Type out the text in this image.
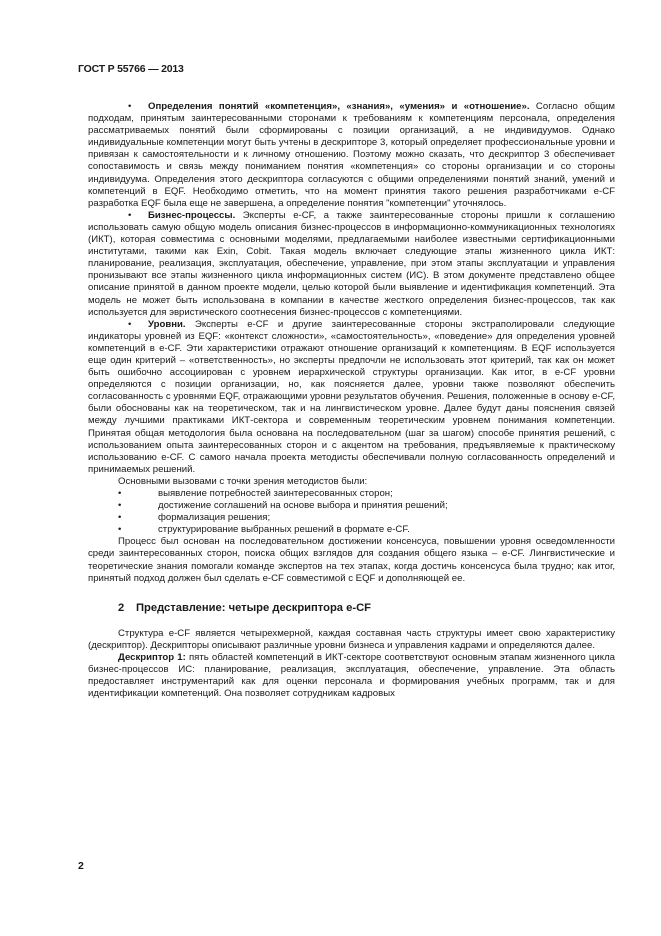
ГОСТ Р 55766 — 2013

• Определения понятий «компетенция», «знания», «умения» и «отношение». Согласно общим подходам, принятым заинтересованными сторонами к требованиям к компетенциям персонала, определения рассматриваемых понятий были сформированы с позиции организаций, а не индивидуумов. Однако индивидуальные компетенции могут быть учтены в дескрипторе 3, который определяет профессиональные уровни и привязан к самостоятельности и к личному отношению. Поэтому можно сказать, что дескриптор 3 обеспечивает сопоставимость и связь между пониманием понятия «компетенция» со стороны организации и со стороны индивидуума. Определения этого дескриптора согласуются с общими определениями понятий знаний, умений и компетенций в EQF. Необходимо отметить, что на момент принятия такого решения разработчиками e-CF разработка EQF была еще не завершена, а определение понятия "компетенции" уточнялось.

• Бизнес-процессы. Эксперты e-CF, а также заинтересованные стороны пришли к соглашению использовать самую общую модель описания бизнес-процессов в информационно-коммуникационных технологиях (ИКТ), которая совместима с основными моделями, предлагаемыми наиболее известными сертификационными институтами, такими как Exin, Cobit. Такая модель включает следующие этапы жизненного цикла ИКТ: планирование, реализация, эксплуатация, обеспечение, управление, при этом этапы эксплуатации и управления пронизывают все этапы жизненного цикла информационных систем (ИС). В этом документе представлено общее описание принятой в данном проекте модели, целью которой были выявление и идентификация компетенций. Эта модель не может быть использована в компании в качестве жесткого определения бизнес-процессов, так как используется для эвристического соотнесения бизнес-процессов с компетенциями.

• Уровни. Эксперты e-CF и другие заинтересованные стороны экстраполировали следующие индикаторы уровней из EQF: «контекст сложности», «самостоятельность», «поведение» для определения уровней компетенций в e-CF. Эти характеристики отражают отношение организаций к компетенциям. В EQF используется еще один критерий – «ответственность», но эксперты предпочли не использовать этот критерий, так как он может быть ошибочно ассоциирован с уровнем иерархической структуры организации. Как итог, в e-CF уровни определяются с позиции организации, но, как поясняется далее, уровни также позволяют обеспечить согласованность с уровнями EQF, отражающими уровни результатов обучения. Решения, положенные в основу e-CF, были обоснованы как на теоретическом, так и на лингвистическом уровне. Далее будут даны пояснения связей между лучшими практиками ИКТ-сектора и современным теоретическим уровнем понимания компетенции. Принятая общая методология была основана на последовательном (шаг за шагом) способе принятия решений, с использованием опыта заинтересованных сторон и с акцентом на требования, предъявляемые к практическому использованию e-CF. С самого начала проекта методисты обеспечивали полную согласованность определений и принимаемых решений.

Основными вызовами с точки зрения методистов были:

•	выявление потребностей заинтересованных сторон;
•	достижение соглашений на основе выбора и принятия решений;
•	формализация решения;
•	структурирование выбранных решений в формате e-CF.

Процесс был основан на последовательном достижении консенсуса, повышении уровня осведомленности среди заинтересованных сторон, поиска общих взглядов для создания общего языка – e-CF. Лингвистические и теоретические знания помогали команде экспертов на тех этапах, когда достичь консенсуса была трудно; как итог, принятый подход должен был сделать e-CF совместимой с EQF и дополняющей ее.

2 Представление: четыре дескриптора e-CF

Структура e-CF является четырехмерной, каждая составная часть структуры имеет свою характеристику (дескриптор). Дескрипторы описывают различные уровни бизнеса и управления кадрами и определяются далее.

Дескриптор 1: пять областей компетенций в ИКТ-секторе соответствуют основным этапам жизненного цикла бизнес-процессов ИС: планирование, реализация, эксплуатация, обеспечение, управление. Эта область предоставляет инструментарий как для оценки персонала и формирования учебных программ, так и для идентификации компетенций. Она позволяет сотрудникам кадровых

2
